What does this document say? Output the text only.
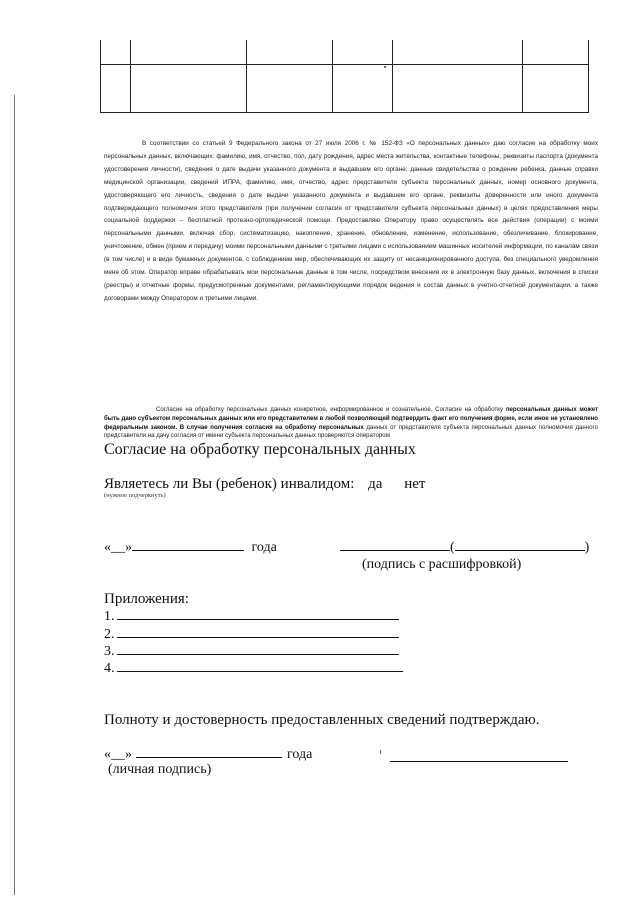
В соответствии со статьей 9 Федерального закона от 27 июля 2006 г. № 152-ФЗ «О персональных данных» даю согласие на обработку моих персональных данных, включающих: фамилию, имя, отчество, пол, дату рождения, адрес места жительства, контактные телефоны, реквизиты паспорта (документа удостоверения личности), сведения о дате выдачи указанного документа и выдавшем его органе; данные свидетельства о рождении ребенка, данные справки медицинской организации, сведений ИПРА, фамилию, имя, отчество, адрес представителя субъекта персональных данных, номер основного документа, удостоверяющего его личность, сведения о дате выдачи указанного документа и выдавшем его органе, реквизиты доверенности или иного документа подтверждающего полномочия этого представителя (при получении согласия от представителя субъекта персональных данных) в целях предоставления меры социальной поддержки – бесплатной протезно-ортопедической помощи. Предоставляю Оператору право осуществлять все действия (операции) с моими персональными данными, включая сбор, систематизацию, накопление, хранение, обновление, изменение, использование, обезличивание, блокирование, уничтожение, обмен (прием и передачу) моими персональными данными с третьими лицами с использованием машинных носителей информации, по каналам связи (в том числе) и в виде бумажных документов, с соблюдением мер, обеспечивающих их защиту от несанкционированного доступа, без специального уведомления меня об этом. Оператор вправе обрабатывать мои персональные данные в том числе, посредством внесения их в электронную базу данных, включения в списки (реестры) и отчетные формы, предусмотренные документами, регламентирующими порядок ведения и состав данных в учетно-отчетной документации, а также договорами между Оператором и третьими лицами.

Согласие на обработку персональных данных конкретное, информированное и сознательное. Согласие на обработку персональных данных может быть дано субъектом персональных данных или его представителем в любой позволяющей подтвердить факт его получения форме, если иное не установлено федеральным законом. В случае получения согласия на обработку персональных данных от представителя субъекта персональных данных полномочия данного представителя на дачу согласия от имени субъекта персональных данных проверяются оператором

Согласие на обработку персональных данных
Являетесь ли Вы (ребенок) инвалидом: да нет
(нужное подчеркнуть)
«__»	года	(	)
(подпись с расшифровкой)
Приложения:
1.
2.
3.
4.
Полноту и достоверность предоставленных сведений подтверждаю.
«__»	года
(личная подпись)
